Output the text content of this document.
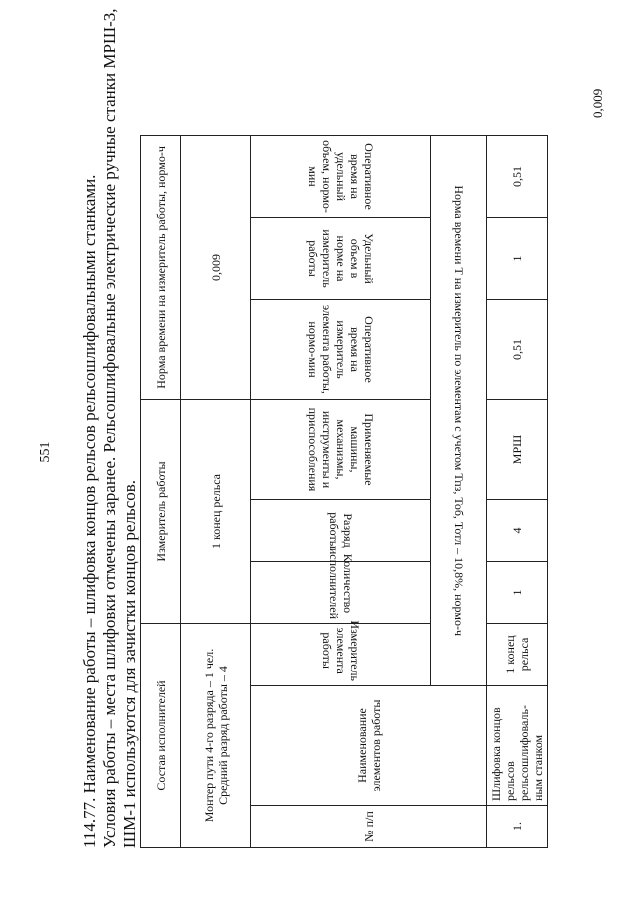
551 114.77. Наименование работы – шлифовка концов рельсов рельсошлифовальными станками. Условия работы – места шлифовки отмечены заранее. Рельсошлифовальные электрические ручные станки МРШ-3, ШМ-1 используются для зачистки концов рельсов. Состав исполнителей			Измеритель работы			Норма времени на измеритель работы, нормо-ч		
Монтер пути 4-го разряда – 1 чел. Средний разряд работы – 4			1 конец рельса			0,009		
№ п/п	Наименование элементов работы	Измеритель элемента работы	Количество исполнителей	Разряд работы	Применяемые машины, механизмы, инструменты и приспособления	Оперативное время на измеритель элемента работы, нормо-мин	Удельный объем в норме на измеритель работы	Оперативное время на удельный объем, нормо-мин
		Норма времени Т на измеритель по элементам с учетом Тпз, Тоб, Тотл – 10,8%, нормо-ч						
1.	Шлифовка концов рельсов рельсошлифоваль-ным станком	1 конец рельса	1	4	МРШ	0,51	1	0,51
0,009
